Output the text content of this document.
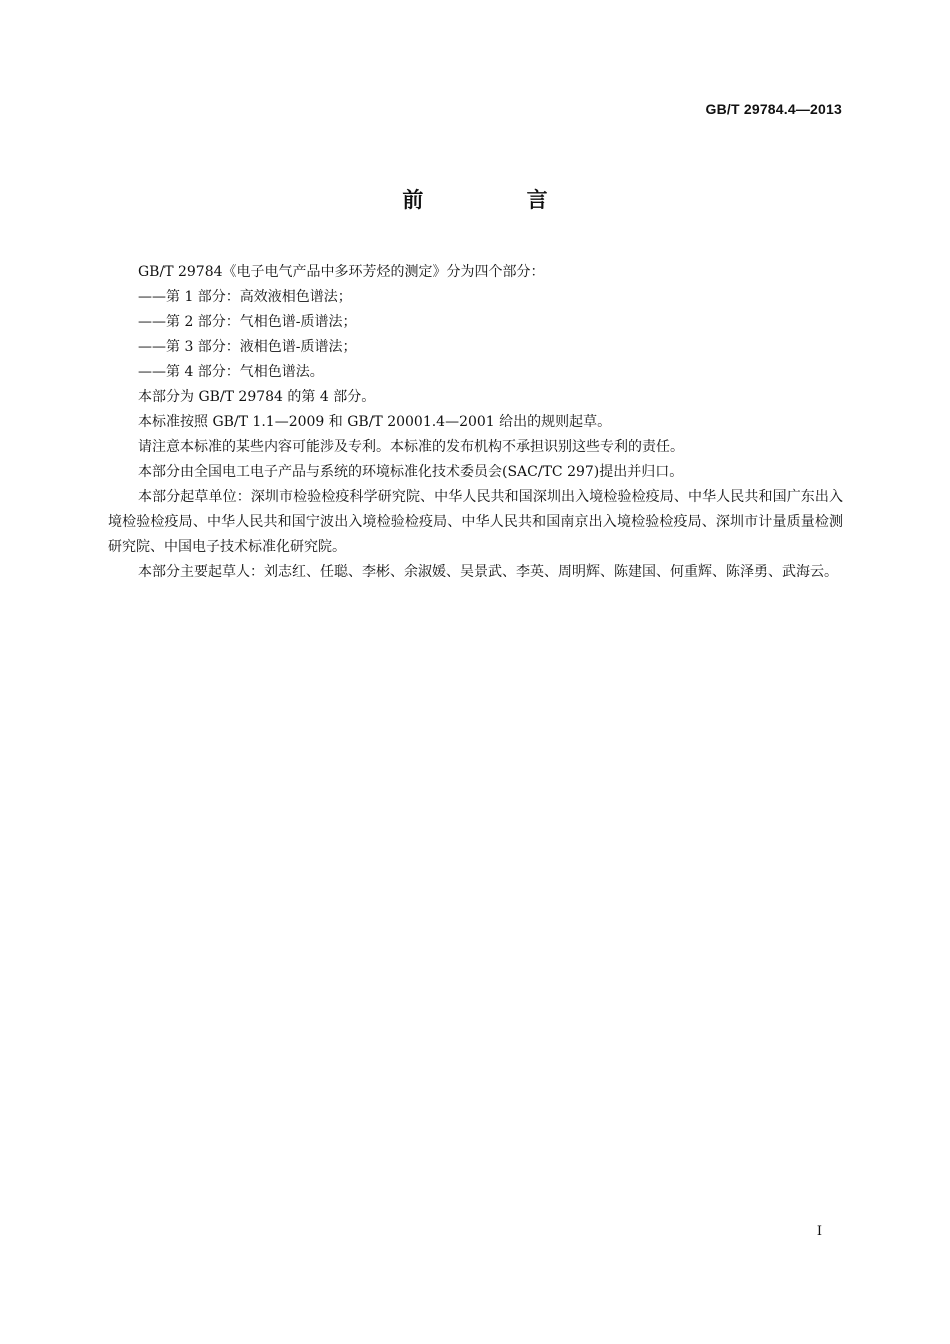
GB/T 29784.4—2013
前 言

GB/T 29784《电子电气产品中多环芳烃的测定》分为四个部分：

——第 1 部分：高效液相色谱法；

——第 2 部分：气相色谱-质谱法；

——第 3 部分：液相色谱-质谱法；

——第 4 部分：气相色谱法。

本部分为 GB/T 29784 的第 4 部分。

本标准按照 GB/T 1.1—2009 和 GB/T 20001.4—2001 给出的规则起草。

请注意本标准的某些内容可能涉及专利。本标准的发布机构不承担识别这些专利的责任。

本部分由全国电工电子产品与系统的环境标准化技术委员会(SAC/TC 297)提出并归口。

本部分起草单位：深圳市检验检疫科学研究院、中华人民共和国深圳出入境检验检疫局、中华人民共和国广东出入境检验检疫局、中华人民共和国宁波出入境检验检疫局、中华人民共和国南京出入境检验检疫局、深圳市计量质量检测研究院、中国电子技术标准化研究院。

本部分主要起草人：刘志红、任聪、李彬、余淑媛、吴景武、李英、周明辉、陈建国、何重辉、陈泽勇、武海云。

I
